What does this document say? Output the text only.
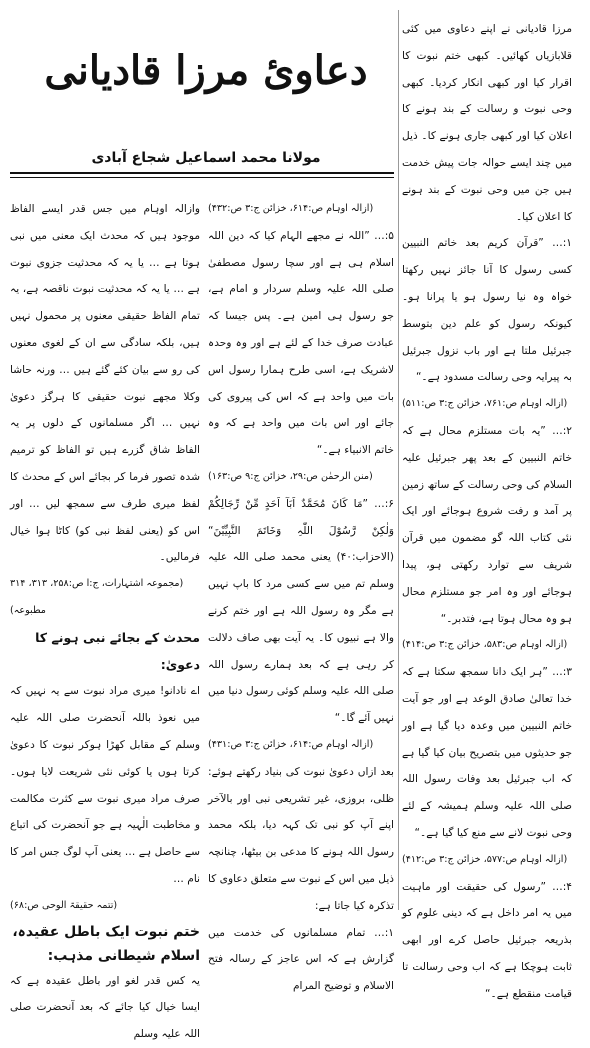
مرزا قادیانی نے اپنے دعاوی میں کئی قلابازیاں کھائیں۔ کبھی ختم نبوت کا اقرار کیا اور کبھی انکار کردیا۔ کبھی وحی نبوت و رسالت کے بند ہونے کا اعلان کیا اور کبھی جاری ہونے کا۔ ذیل میں چند ایسے حوالہ جات پیش خدمت ہیں جن میں وحی نبوت کے بند ہونے کا اعلان کیا۔

۱:… ”قرآن کریم بعد خاتم النبیین کسی رسول کا آنا جائز نہیں رکھتا خواہ وہ نیا رسول ہو یا پرانا ہو۔ کیونکہ رسول کو علم دین بتوسط جبرئیل ملتا ہے اور باب نزول جبرئیل بہ پیرایہ وحی رسالت مسدود ہے۔“

(ازالہ اوہام ص:۷۶۱، خزائن ج:۳ ص:۵۱۱)

۲:… ”یہ بات مستلزم محال ہے کہ خاتم النبیین کے بعد پھر جبرئیل علیہ السلام کی وحی رسالت کے ساتھ زمین پر آمد و رفت شروع ہوجائے اور ایک نئی کتاب اللہ گو مضمون میں قرآن شریف سے توارد رکھتی ہو، پیدا ہوجائے اور وہ امر جو مستلزم محال ہو وہ محال ہوتا ہے، فتدبر۔“

(ازالہ اوہام ص:۵۸۳، خزائن ج:۳ ص:۴۱۴)

۳:… ”ہر ایک دانا سمجھ سکتا ہے کہ خدا تعالیٰ صادق الوعد ہے اور جو آیت خاتم النبیین میں وعدہ دیا گیا ہے اور جو حدیثوں میں بتصریح بیان کیا گیا ہے کہ اب جبرئیل بعد وفات رسول اللہ صلی اللہ علیہ وسلم ہمیشہ کے لئے وحی نبوت لانے سے منع کیا گیا ہے۔“

(ازالہ اوہام ص:۵۷۷، خزائن ج:۳ ص:۴۱۲)

۴:… ”رسول کی حقیقت اور ماہیت میں یہ امر داخل ہے کہ دینی علوم کو بذریعہ جبرئیل حاصل کرے اور ابھی ثابت ہوچکا ہے کہ اب وحی رسالت تا قیامت منقطع ہے۔“

دعاوئ مرزا قادیانی
مولانا محمد اسماعیل شجاع آبادی

(ازالہ اوہام ص:۶۱۴، خزائن ج:۳ ص:۴۳۲)

۵:… ”اللہ نے مجھے الہام کیا کہ دین اللہ اسلام ہی ہے اور سچا رسول مصطفیٰ صلی اللہ علیہ وسلم سردار و امام ہے، جو رسول ہی امین ہے۔ پس جیسا کہ عبادت صرف خدا کے لئے ہے اور وہ وحدہ لاشریک ہے، اسی طرح ہمارا رسول اس بات میں واحد ہے کہ اس کی پیروی کی جائے اور اس بات میں واحد ہے کہ وہ خاتم الانبیاء ہے۔“

(منن الرحمٰن ص:۲۹، خزائن ج:۹ ص:۱۶۳)

۶:… ”مَا کَانَ مُحَمَّدٌ اَبَآ اَحَدٍ مِّنْ رِّجَالِکُمْ وَلٰکِنْ رَّسُوْلَ اللّٰہِ وَخَاتَمَ النَّبِیِّیْنَ“ (الاحزاب:۴۰) یعنی محمد صلی اللہ علیہ وسلم تم میں سے کسی مرد کا باپ نہیں ہے مگر وہ رسول اللہ ہے اور ختم کرنے والا ہے نبیوں کا۔ یہ آیت بھی صاف دلالت کر رہی ہے کہ بعد ہمارے رسول اللہ صلی اللہ علیہ وسلم کوئی رسول دنیا میں نہیں آئے گا۔“

(ازالہ اوہام ص:۶۱۴، خزائن ج:۳ ص:۴۳۱)

بعد ازاں دعویٰ نبوت کی بنیاد رکھتے ہوئے: ظلی، بروزی، غیر تشریعی نبی اور بالآخر اپنے آپ کو نبی تک کہہ دیا، بلکہ محمد رسول اللہ ہونے کا مدعی بن بیٹھا، چنانچہ ذیل میں اس کے نبوت سے متعلق دعاوی کا تذکرہ کیا جاتا ہے:

۱:… تمام مسلمانوں کی خدمت میں گزارش ہے کہ اس عاجز کے رسالہ فتح الاسلام و توضیح المرام

وازالہ اوہام میں جس قدر ایسے الفاظ موجود ہیں کہ محدث ایک معنی میں نبی ہوتا ہے … یا یہ کہ محدثیت جزوی نبوت ہے … یا یہ کہ محدثیت نبوت ناقصہ ہے، یہ تمام الفاظ حقیقی معنوں پر محمول نہیں ہیں، بلکہ سادگی سے ان کے لغوی معنوں کی رو سے بیان کئے گئے ہیں … ورنہ حاشا وکلا مجھے نبوت حقیقی کا ہرگز دعویٰ نہیں … اگر مسلمانوں کے دلوں پر یہ الفاظ شاق گزرے ہیں تو الفاظ کو ترمیم شدہ تصور فرما کر بجائے اس کے محدث کا لفظ میری طرف سے سمجھ لیں … اور اس کو (یعنی لفظ نبی کو) کاٹا ہوا خیال فرمالیں۔

(مجموعہ اشتہارات، ج:ا ص:۲۵۸، ۳۱۳، ۳۱۴ مطبوعہ)

محدث کے بجائے نبی ہونے کا دعویٰ:

اے نادانو! میری مراد نبوت سے یہ نہیں کہ میں نعوذ باللہ آنحضرت صلی اللہ علیہ وسلم کے مقابل کھڑا ہوکر نبوت کا دعویٰ کرتا ہوں یا کوئی نئی شریعت لایا ہوں۔ صرف مراد میری نبوت سے کثرت مکالمت و مخاطبت الٰہیہ ہے جو آنحضرت کی اتباع سے حاصل ہے … یعنی آپ لوگ جس امر کا نام …

(تتمہ حقیقۃ الوحی ص:۶۸)

ختم نبوت ایک باطل عقیدہ، اسلام شیطانی مذہب:

یہ کس قدر لغو اور باطل عقیدہ ہے کہ ایسا خیال کیا جائے کہ بعد آنحضرت صلی اللہ علیہ وسلم
